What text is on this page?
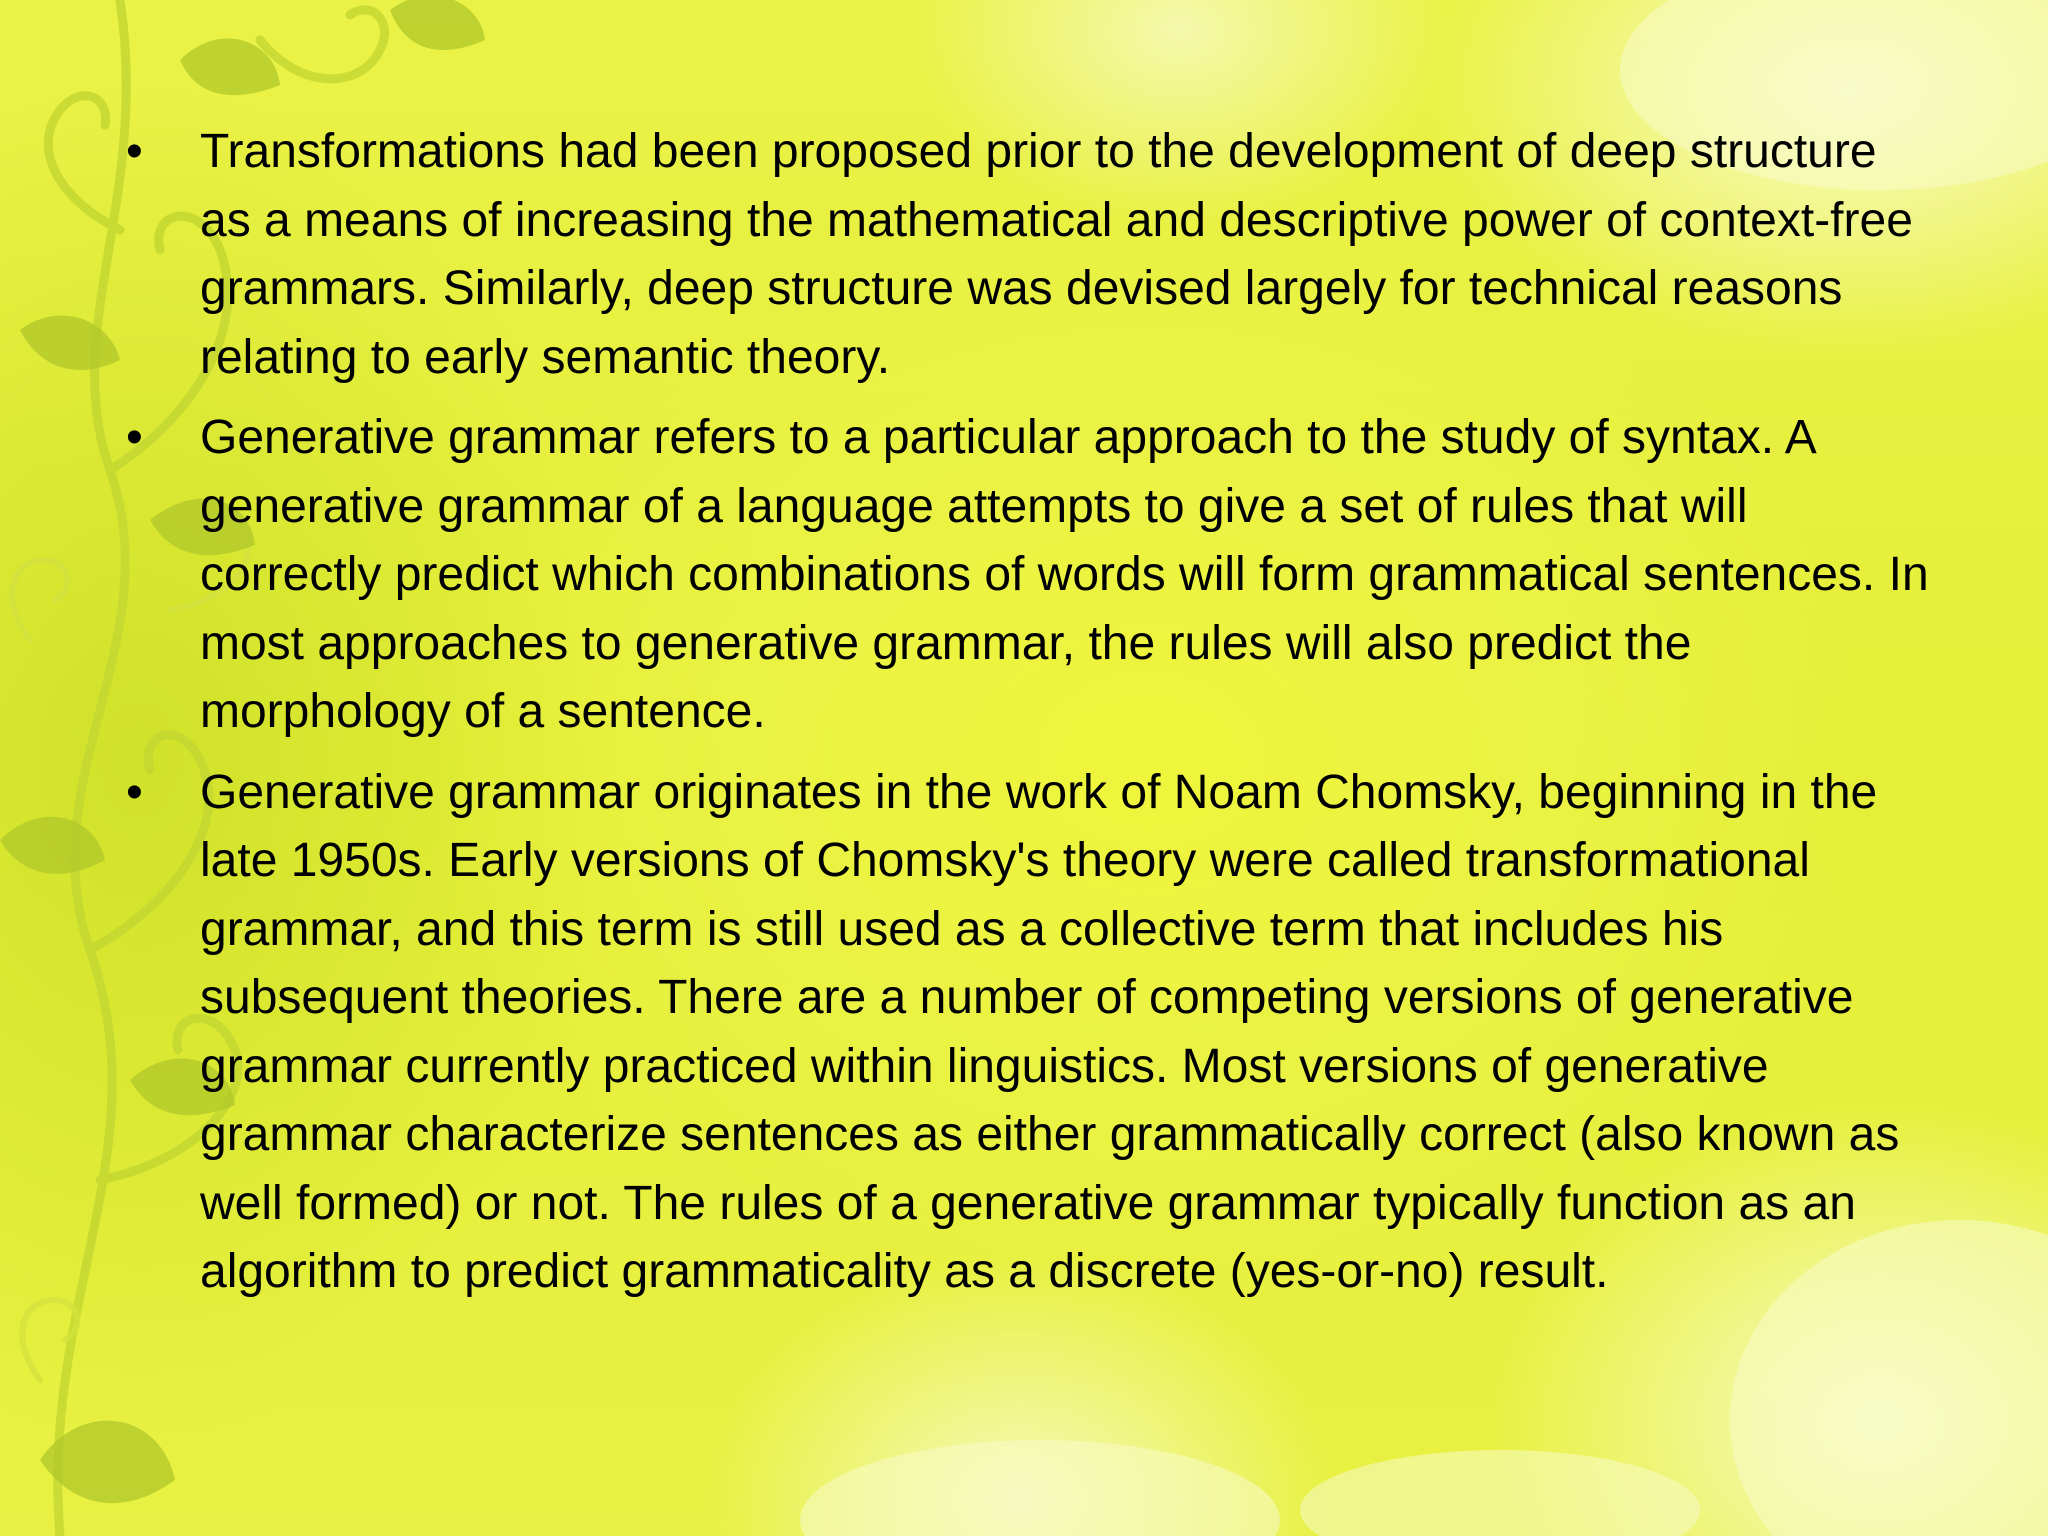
• Transformations had been proposed prior to the development of deep structure as a means of increasing the mathematical and descriptive power of context-free grammars. Similarly, deep structure was devised largely for technical reasons relating to early semantic theory.
• Generative grammar refers to a particular approach to the study of syntax. A generative grammar of a language attempts to give a set of rules that will correctly predict which combinations of words will form grammatical sentences. In most approaches to generative grammar, the rules will also predict the morphology of a sentence.
• Generative grammar originates in the work of Noam Chomsky, beginning in the late 1950s. Early versions of Chomsky's theory were called transformational grammar, and this term is still used as a collective term that includes his subsequent theories. There are a number of competing versions of generative grammar currently practiced within linguistics. Most versions of generative grammar characterize sentences as either grammatically correct (also known as well formed) or not. The rules of a generative grammar typically function as an algorithm to predict grammaticality as a discrete (yes-or-no) result.
